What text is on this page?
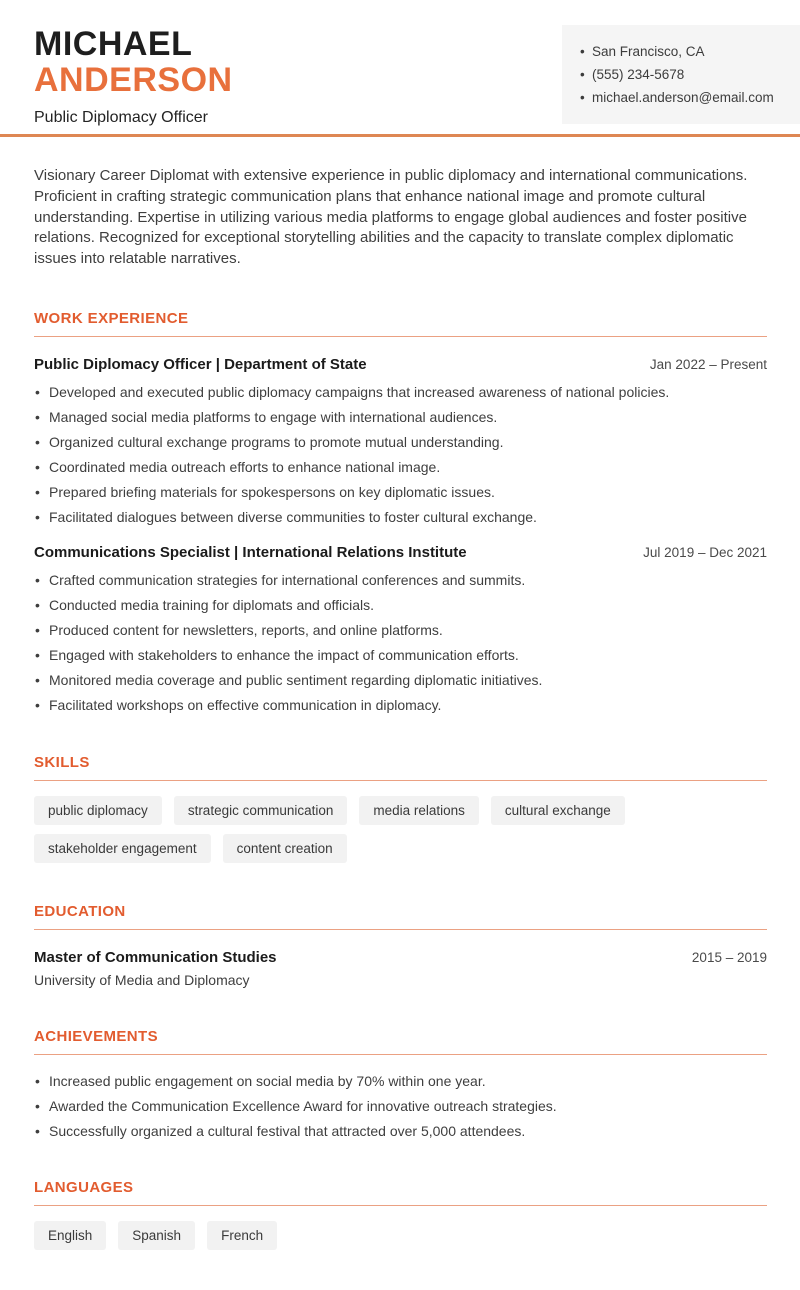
MICHAEL
ANDERSON
Public Diplomacy Officer
• San Francisco, CA
• (555) 234-5678
• michael.anderson@email.com

Visionary Career Diplomat with extensive experience in public diplomacy and international communications. Proficient in crafting strategic communication plans that enhance national image and promote cultural understanding. Expertise in utilizing various media platforms to engage global audiences and foster positive relations. Recognized for exceptional storytelling abilities and the capacity to translate complex diplomatic issues into relatable narratives.

WORK EXPERIENCE
Public Diplomacy Officer | Department of State	Jan 2022 – Present
• Developed and executed public diplomacy campaigns that increased awareness of national policies.
• Managed social media platforms to engage with international audiences.
• Organized cultural exchange programs to promote mutual understanding.
• Coordinated media outreach efforts to enhance national image.
• Prepared briefing materials for spokespersons on key diplomatic issues.
• Facilitated dialogues between diverse communities to foster cultural exchange.
Communications Specialist | International Relations Institute	Jul 2019 – Dec 2021
• Crafted communication strategies for international conferences and summits.
• Conducted media training for diplomats and officials.
• Produced content for newsletters, reports, and online platforms.
• Engaged with stakeholders to enhance the impact of communication efforts.
• Monitored media coverage and public sentiment regarding diplomatic initiatives.
• Facilitated workshops on effective communication in diplomacy.
SKILLS
public diplomacy	strategic communication	media relations	cultural exchange
stakeholder engagement	content creation
EDUCATION
Master of Communication Studies	2015 – 2019
University of Media and Diplomacy
ACHIEVEMENTS
• Increased public engagement on social media by 70% within one year.
• Awarded the Communication Excellence Award for innovative outreach strategies.
• Successfully organized a cultural festival that attracted over 5,000 attendees.
LANGUAGES
English	Spanish	French
